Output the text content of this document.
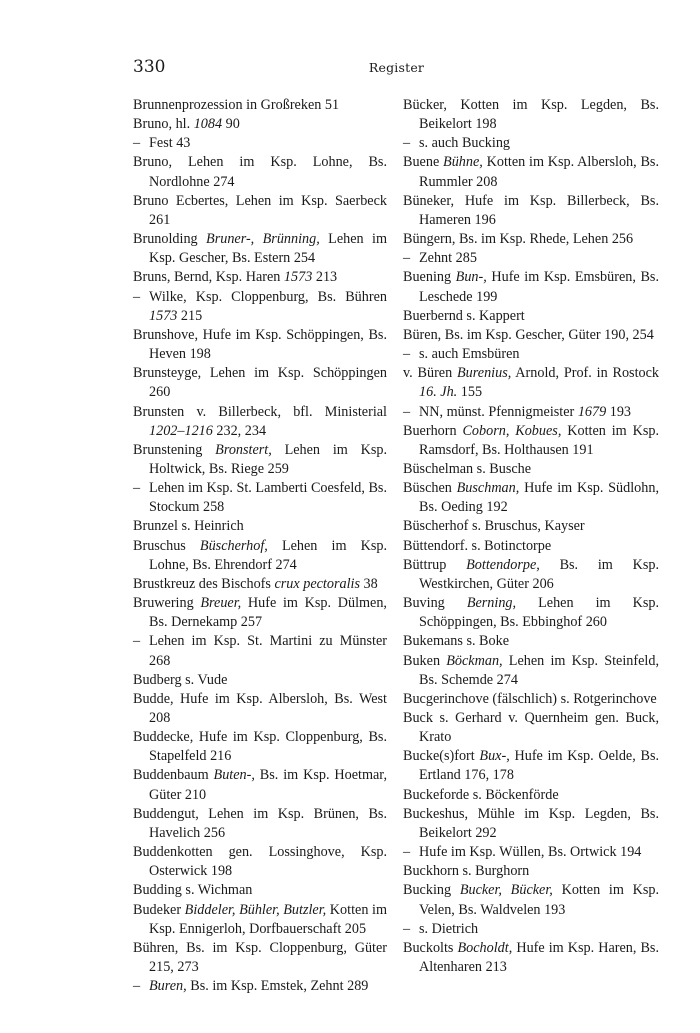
330	Register

Brunnenprozession in Großreken 51

Bruno, hl. 1084 90

– Fest 43

Bruno, Lehen im Ksp. Lohne, Bs. Nordlohne 274

Bruno Ecbertes, Lehen im Ksp. Saerbeck 261

Brunolding Bruner-, Brünning, Lehen im Ksp. Gescher, Bs. Estern 254

Bruns, Bernd, Ksp. Haren 1573 213

– Wilke, Ksp. Cloppenburg, Bs. Bühren 1573 215

Brunshove, Hufe im Ksp. Schöppingen, Bs. Heven 198

Brunsteyge, Lehen im Ksp. Schöppingen 260

Brunsten v. Billerbeck, bfl. Ministerial 1202–1216 232, 234

Brunstening Bronstert, Lehen im Ksp. Holtwick, Bs. Riege 259

– Lehen im Ksp. St. Lamberti Coesfeld, Bs. Stockum 258

Brunzel s. Heinrich

Bruschus Büscherhof, Lehen im Ksp. Lohne, Bs. Ehrendorf 274

Brustkreuz des Bischofs crux pectoralis 38

Bruwering Breuer, Hufe im Ksp. Dülmen, Bs. Dernekamp 257

– Lehen im Ksp. St. Martini zu Münster 268

Budberg s. Vude

Budde, Hufe im Ksp. Albersloh, Bs. West 208

Buddecke, Hufe im Ksp. Cloppenburg, Bs. Stapelfeld 216

Buddenbaum Buten-, Bs. im Ksp. Hoetmar, Güter 210

Buddengut, Lehen im Ksp. Brünen, Bs. Havelich 256

Buddenkotten gen. Lossinghove, Ksp. Osterwick 198

Budding s. Wichman

Budeker Biddeler, Bühler, Butzler, Kotten im Ksp. Ennigerloh, Dorfbauerschaft 205

Bühren, Bs. im Ksp. Cloppenburg, Güter 215, 273

– Buren, Bs. im Ksp. Emstek, Zehnt 289

Bücker, Kotten im Ksp. Legden, Bs. Beikelort 198

– s. auch Bucking

Buene Bühne, Kotten im Ksp. Albersloh, Bs. Rummler 208

Büneker, Hufe im Ksp. Billerbeck, Bs. Hameren 196

Büngern, Bs. im Ksp. Rhede, Lehen 256

– Zehnt 285

Buening Bun-, Hufe im Ksp. Emsbüren, Bs. Leschede 199

Buerbernd s. Kappert

Büren, Bs. im Ksp. Gescher, Güter 190, 254

– s. auch Emsbüren

v. Büren Burenius, Arnold, Prof. in Rostock 16. Jh. 155

– NN, münst. Pfennigmeister 1679 193

Buerhorn Coborn, Kobues, Kotten im Ksp. Ramsdorf, Bs. Holthausen 191

Büschelman s. Busche

Büschen Buschman, Hufe im Ksp. Südlohn, Bs. Oeding 192

Büscherhof s. Bruschus, Kayser

Büttendorf. s. Botinctorpe

Büttrup Bottendorpe, Bs. im Ksp. Westkirchen, Güter 206

Buving Berning, Lehen im Ksp. Schöppingen, Bs. Ebbinghof 260

Bukemans s. Boke

Buken Böckman, Lehen im Ksp. Steinfeld, Bs. Schemde 274

Bucgerinchove (fälschlich) s. Rotgerinchove

Buck s. Gerhard v. Quernheim gen. Buck, Krato

Bucke(s)fort Bux-, Hufe im Ksp. Oelde, Bs. Ertland 176, 178

Buckeforde s. Böckenförde

Buckeshus, Mühle im Ksp. Legden, Bs. Beikelort 292

– Hufe im Ksp. Wüllen, Bs. Ortwick 194

Buckhorn s. Burghorn

Bucking Bucker, Bücker, Kotten im Ksp. Velen, Bs. Waldvelen 193

– s. Dietrich

Buckolts Bocholdt, Hufe im Ksp. Haren, Bs. Altenharen 213
